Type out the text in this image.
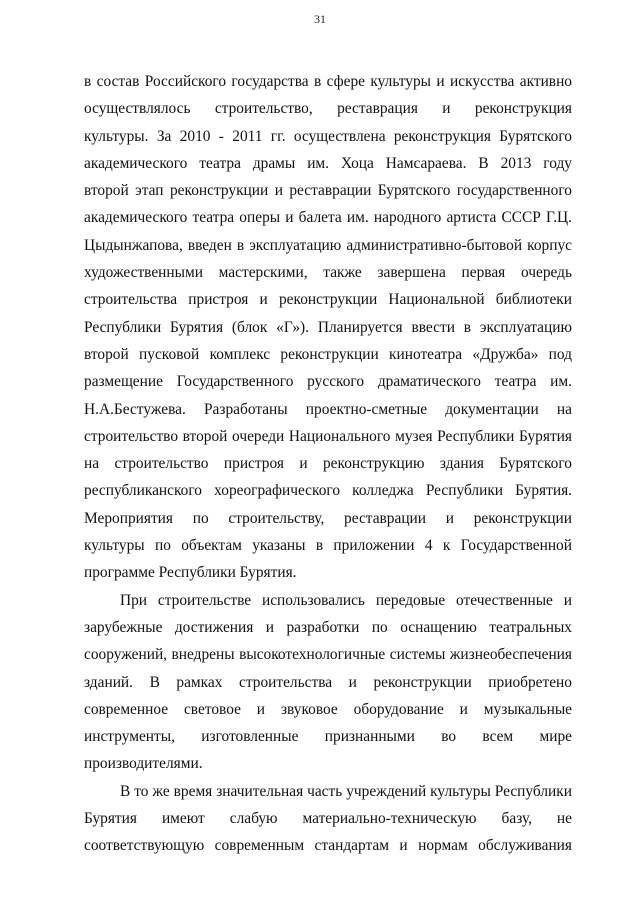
31

в состав Российского государства в сфере культуры и искусства активно
осуществлялось строительство, реставрация и реконструкция
культуры. За 2010 - 2011 гг. осуществлена реконструкция Бурятского
академического театра драмы им. Хоца Намсараева. В 2013 году
второй этап реконструкции и реставрации Бурятского государственного
академического театра оперы и балета им. народного артиста СССР Г.Ц.
Цыдынжапова, введен в эксплуатацию административно-бытовой корпус
художественными мастерскими, также завершена первая очередь
строительства пристроя и реконструкции Национальной библиотеки
Республики Бурятия (блок «Г»). Планируется ввести в эксплуатацию
второй пусковой комплекс реконструкции кинотеатра «Дружба» под
размещение Государственного русского драматического театра им.
Н.А.Бестужева. Разработаны проектно-сметные документации на
строительство второй очереди Национального музея Республики Бурятия
на строительство пристроя и реконструкцию здания Бурятского
республиканского хореографического колледжа Республики Бурятия.
Мероприятия по строительству, реставрации и реконструкции
культуры по объектам указаны в приложении 4 к Государственной
программе Республики Бурятия.

При строительстве использовались передовые отечественные и
зарубежные достижения и разработки по оснащению театральных
сооружений, внедрены высокотехнологичные системы жизнеобеспечения
зданий. В рамках строительства и реконструкции приобретено
современное световое и звуковое оборудование и музыкальные
инструменты, изготовленные признанными во всем мире
производителями.

В то же время значительная часть учреждений культуры Республики
Бурятия имеют слабую материально-техническую базу, не
соответствующую современным стандартам и нормам обслуживания
